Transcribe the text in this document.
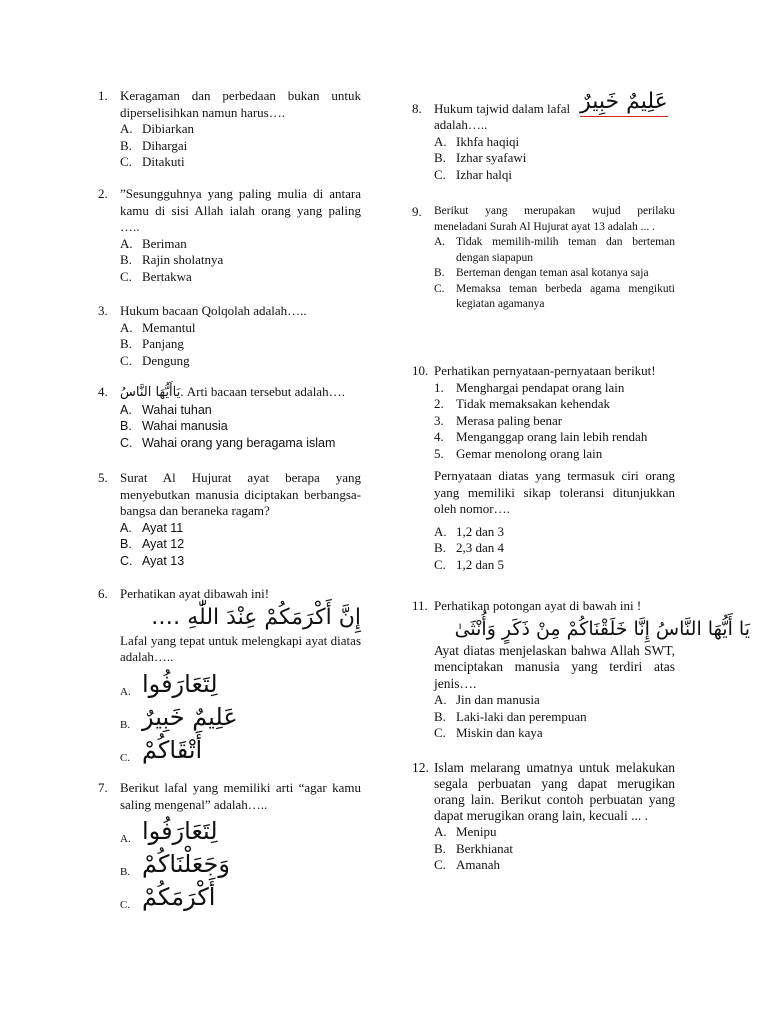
1. Keragaman dan perbedaan bukan untuk diperselisihkan namun harus….
A. Dibiarkan
B. Dihargai
C. Ditakuti
2. ”Sesungguhnya yang paling mulia di antara kamu di sisi Allah ialah orang yang paling …..
A. Beriman
B. Rajin sholatnya
C. Bertakwa
3. Hukum bacaan Qolqolah adalah…..
A. Memantul
B. Panjang
C. Dengung
4. يَاأَيُّهَا النَّاسُ. Arti bacaan tersebut adalah….
A. Wahai tuhan
B. Wahai manusia
C. Wahai orang yang beragama islam
5. Surat Al Hujurat ayat berapa yang menyebutkan manusia diciptakan berbangsa-bangsa dan beraneka ragam?
A. Ayat 11
B. Ayat 12
C. Ayat 13
6. Perhatikan ayat dibawah ini!
إِنَّ أَكْرَمَكُمْ عِنْدَ اللّٰهِ ….
Lafal yang tepat untuk melengkapi ayat diatas adalah…..
A. لِتَعَارَفُوا
B. عَلِيمٌ خَبِيرٌ
C. أَتْقَاكُمْ
7. Berikut lafal yang memiliki arti “agar kamu saling mengenal” adalah…..
A. لِتَعَارَفُوا
B. وَجَعَلْنَاكُمْ
C. أَكْرَمَكُمْ
8. Hukum tajwid dalam lafal عَلِيمٌ خَبِيرٌ
adalah…..
A. Ikhfa haqiqi
B. Izhar syafawi
C. Izhar halqi
9.	Berikut yang merupakan wujud perilaku meneladani Surah Al Hujurat ayat 13 adalah ... .
A. Tidak memilih-milih teman dan berteman dengan siapapun
B. Berteman dengan teman asal kotanya saja
C. Memaksa teman berbeda agama mengikuti kegiatan agamanya
10. Perhatikan pernyataan-pernyataan berikut!
1. Menghargai pendapat orang lain
2. Tidak memaksakan kehendak
3. Merasa paling benar
4. Menganggap orang lain lebih rendah
5. Gemar menolong orang lain
Pernyataan diatas yang termasuk ciri orang yang memiliki sikap toleransi ditunjukkan oleh nomor….
A. 1,2 dan 3
B. 2,3 dan 4
C. 1,2 dan 5
11. Perhatikan potongan ayat di bawah ini !
يَا أَيُّهَا النَّاسُ إِنَّا خَلَقْنَاكُمْ مِنْ ذَكَرٍ وَأُنْثَىٰ
Ayat diatas menjelaskan bahwa Allah SWT, menciptakan manusia yang terdiri atas jenis….
A. Jin dan manusia
B. Laki-laki dan perempuan
C. Miskin dan kaya
12. Islam melarang umatnya untuk melakukan segala perbuatan yang dapat merugikan orang lain. Berikut contoh perbuatan yang dapat merugikan orang lain, kecuali ... .
A. Menipu
B. Berkhianat
C. Amanah
